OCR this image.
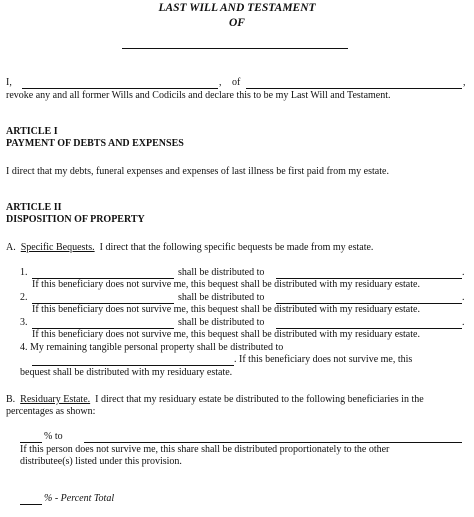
LAST WILL AND TESTAMENT
OF
I,	, of	,
revoke any and all former Wills and Codicils and declare this to be my Last Will and Testament.
ARTICLE I
PAYMENT OF DEBTS AND EXPENSES
I direct that my debts, funeral expenses and expenses of last illness be first paid from my estate.
ARTICLE II
DISPOSITION OF PROPERTY
A. Specific Bequests. I direct that the following specific bequests be made from my estate.
1.	shall be distributed to	.
If this beneficiary does not survive me, this bequest shall be distributed with my residuary estate.
2.	shall be distributed to	.
If this beneficiary does not survive me, this bequest shall be distributed with my residuary estate.
3.	shall be distributed to	.
If this beneficiary does not survive me, this bequest shall be distributed with my residuary estate.
4. My remaining tangible personal property shall be distributed to
. If this beneficiary does not survive me, this
bequest shall be distributed with my residuary estate.
B. Residuary Estate. I direct that my residuary estate be distributed to the following beneficiaries in the
percentages as shown:
% to
If this person does not survive me, this share shall be distributed proportionately to the other
distributee(s) listed under this provision.
% - Percent Total
